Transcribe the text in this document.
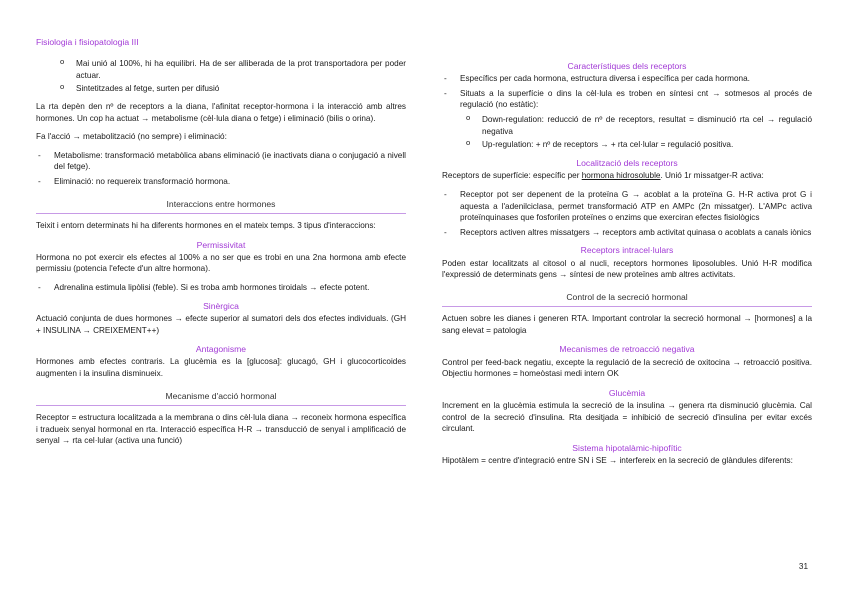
Fisiologia i fisiopatologia III
o Mai unió al 100%, hi ha equilibri. Ha de ser alliberada de la prot transportadora per poder actuar.
o Sintetitzades al fetge, surten per difusió

La rta depèn den nº de receptors a la diana, l'afinitat receptor-hormona i la interacció amb altres hormones. Un cop ha actuat → metabolisme (cèl·lula diana o fetge) i eliminació (bilis o orina).

Fa l'acció → metabolització (no sempre) i eliminació:

- Metabolisme: transformació metabòlica abans eliminació (ie inactivats diana o conjugació a nivell del fetge).
- Eliminació: no requereix transformació hormona.
Interaccions entre hormones

Teixit i entorn determinats hi ha diferents hormones en el mateix temps. 3 tipus d'interaccions:

Permissivitat

Hormona no pot exercir els efectes al 100% a no ser que es trobi en una 2na hormona amb efecte permissiu (potencia l'efecte d'un altre hormona).

- Adrenalina estimula lipòlisi (feble). Si es troba amb hormones tiroidals → efecte potent.
Sinèrgica

Actuació conjunta de dues hormones → efecte superior al sumatori dels dos efectes individuals. (GH + INSULINA → CREIXEMENT++)

Antagonisme

Hormones amb efectes contraris. La glucèmia es la [glucosa]: glucagó, GH i glucocorticoides augmenten i la insulina disminueix.

Mecanisme d'acció hormonal

Receptor = estructura localitzada a la membrana o dins cèl·lula diana → reconeix hormona específica i tradueix senyal hormonal en rta. Interacció específica H-R → transducció de senyal i amplificació de senyal → rta cel·lular (activa una funció)

Característiques dels receptors
- Específics per cada hormona, estructura diversa i específica per cada hormona.
- Situats a la superfície o dins la cèl·lula es troben en síntesi cnt → sotmesos al procés de regulació (no estàtic):
o Down-regulation: reducció de nº de receptors, resultat = disminució rta cel → regulació negativa
o Up-regulation: + nº de receptors → + rta cel·lular = regulació positiva.
Localització dels receptors

Receptors de superfície: específic per hormona hidrosoluble. Unió 1r missatger-R activa:

- Receptor pot ser depenent de la proteïna G → acoblat a la proteïna G. H-R activa prot G i aquesta a l'adenilciclasa, permet transformació ATP en AMPc (2n missatger). L'AMPc activa proteïnquinases que fosforilen proteïnes o enzims que exerciran efectes fisiològics
- Receptors activen altres missatgers → receptors amb activitat quinasa o acoblats a canals iònics
Receptors intracel·lulars

Poden estar localitzats al citosol o al nucli, receptors hormones liposolubles. Unió H-R modifica l'expressió de determinats gens → síntesi de new proteïnes amb altres activitats.

Control de la secreció hormonal

Actuen sobre les dianes i generen RTA. Important controlar la secreció hormonal → [hormones] a la sang elevat = patologia

Mecanismes de retroacció negativa

Control per feed-back negatiu, excepte la regulació de la secreció de oxitocina → retroacció positiva. Objectiu hormones = homeòstasi medi intern OK

Glucèmia

Increment en la glucèmia estimula la secreció de la insulina → genera rta disminució glucèmia. Cal control de la secreció d'insulina. Rta desitjada = inhibició de secreció d'insulina per evitar excés circulant.

Sistema hipotalàmic-hipofític

Hipotàlem = centre d'integració entre SN i SE → interfereix en la secreció de glàndules diferents:

31
